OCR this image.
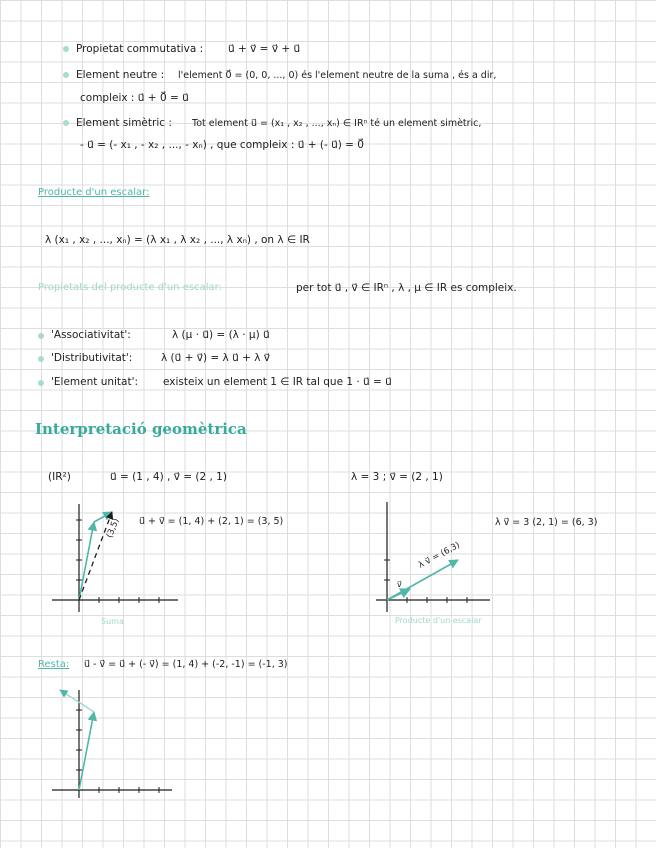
Propietat commutativa : u⃗ + v⃗ = v⃗ + u⃗
Element neutre : l'element 0⃗ = (0, 0, ..., 0) és l'element neutre de la suma , és a dir,
compleix : u⃗ + 0⃗ = u⃗
Element simètric : Tot element u⃗ = (x₁ , x₂ , ..., xₙ) ∈ IRⁿ té un element simètric,
- u⃗ = (- x₁ , - x₂ , ..., - xₙ) , que compleix : u⃗ + (- u⃗) = 0⃗
Producte d'un escalar:
λ (x₁ , x₂ , ..., xₙ) = (λ x₁ , λ x₂ , ..., λ xₙ) , on λ ∈ IR
Propietats del producte d'un escalar:	per tot u⃗ , v⃗ ∈ IRⁿ , λ , μ ∈ IR es compleix.
'Associativitat':	λ (μ · u⃗) = (λ · μ) u⃗
'Distributivitat':	λ (u⃗ + v⃗) = λ u⃗ + λ v⃗
'Element unitat': existeix un element 1 ∈ IR tal que 1 · u⃗ = u⃗
Interpretació geomètrica
(IR²)	u⃗ = (1 , 4) , v⃗ = (2 , 1)	λ = 3 ; v⃗ = (2 , 1)
(3,5) u⃗ + v⃗ = (1, 4) + (2, 1) = (3, 5)
Suma
λ v⃗ = (6,3)
v⃗
λ v⃗ = 3 (2, 1) = (6, 3)
Producte d'un escalar
Resta: u⃗ - v⃗ = u⃗ + (- v⃗) = (1, 4) + (-2, -1) = (-1, 3)
